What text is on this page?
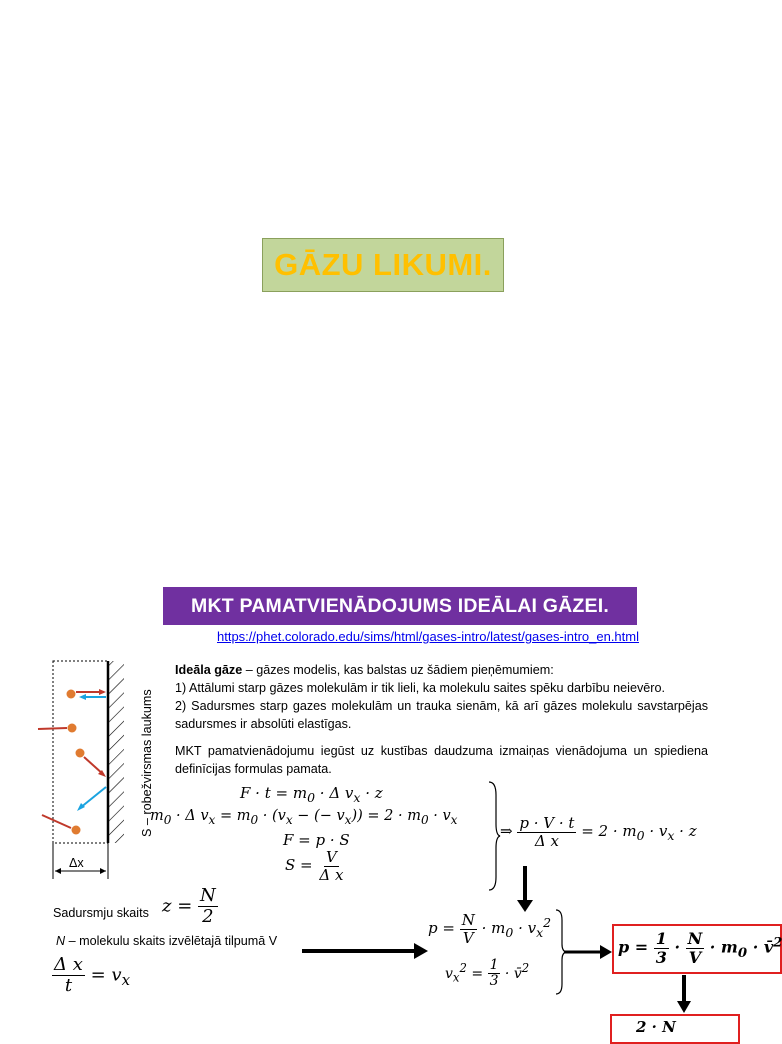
GĀZU LIKUMI.
MKT PAMATVIENĀDOJUMS IDEĀLAI GĀZEI.
https://phet.colorado.edu/sims/html/gases-intro/latest/gases-intro_en.html
Δx
S – robežvirsmas laukums
Ideāla gāze – gāzes modelis, kas balstas uz šādiem pieņēmumiem:
1) Attālumi starp gāzes molekulām ir tik lieli, ka molekulu saites spēku darbību neievēro.
2) Sadursmes starp gazes molekulām un trauka sienām, kā arī gāzes molekulu savstarpējas sadursmes ir absolūti elastīgas.
MKT pamatvienādojumu iegūst uz kustības daudzuma izmaiņas vienādojuma un spiediena definīcijas formulas pamata.
$F \cdot t = m_0 \cdot \Delta$ $v_x \cdot z$
$m_0 \cdot \Delta$ $v_x = m_0 \cdot (v_x$ − (− $v_x)) = 2 \cdot m_0 \cdot v_x$
F = p · S
$S = \frac{V}{\text{Δ x}}$
⇒ $\frac{p \cdot V \cdot t}{\text{Δ x}} = 2 \cdot m_0 \cdot v_x \cdot z$
Sadursmju skaits $z = \frac{N}{2}$
N – molekulu skaits izvēlētajā tilpumā V
$\frac{\text{Δ x}}{t} = v_x$
$p = \frac{N}{V} \cdot m_0 \cdot v_x^2$
$v_x^2 = \frac{1}{3}$ · v̄$^2$
$p = \frac{1}{3} \cdot \frac{N}{V} \cdot m_0$ · v̄$^2$
2 · N
